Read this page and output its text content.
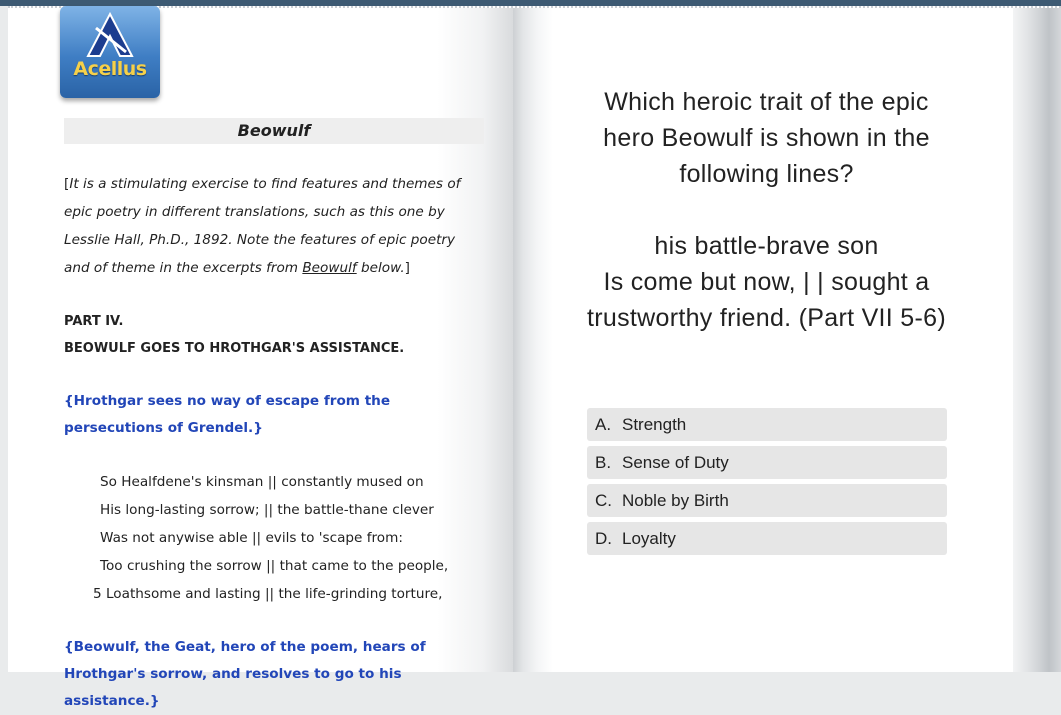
Acellus
Beowulf
[It is a stimulating exercise to find features and themes of epic poetry in different translations, such as this one by Lesslie Hall, Ph.D., 1892. Note the features of epic poetry and of theme in the excerpts from Beowulf below.]
PART IV.
BEOWULF GOES TO HROTHGAR'S ASSISTANCE.
{Hrothgar sees no way of escape from the persecutions of Grendel.}
So Healfdene's kinsman || constantly mused on
His long-lasting sorrow; || the battle-thane clever
Was not anywise able || evils to 'scape from:
Too crushing the sorrow || that came to the people,
5 Loathsome and lasting || the life-grinding torture,
{Beowulf, the Geat, hero of the poem, hears of Hrothgar's sorrow, and resolves to go to his assistance.}
Which heroic trait of the epic hero Beowulf is shown in the following lines?
his battle-brave son
Is come but now, | | sought a trustworthy friend. (Part VII 5-6)
A. Strength
B. Sense of Duty
C. Noble by Birth
D. Loyalty
